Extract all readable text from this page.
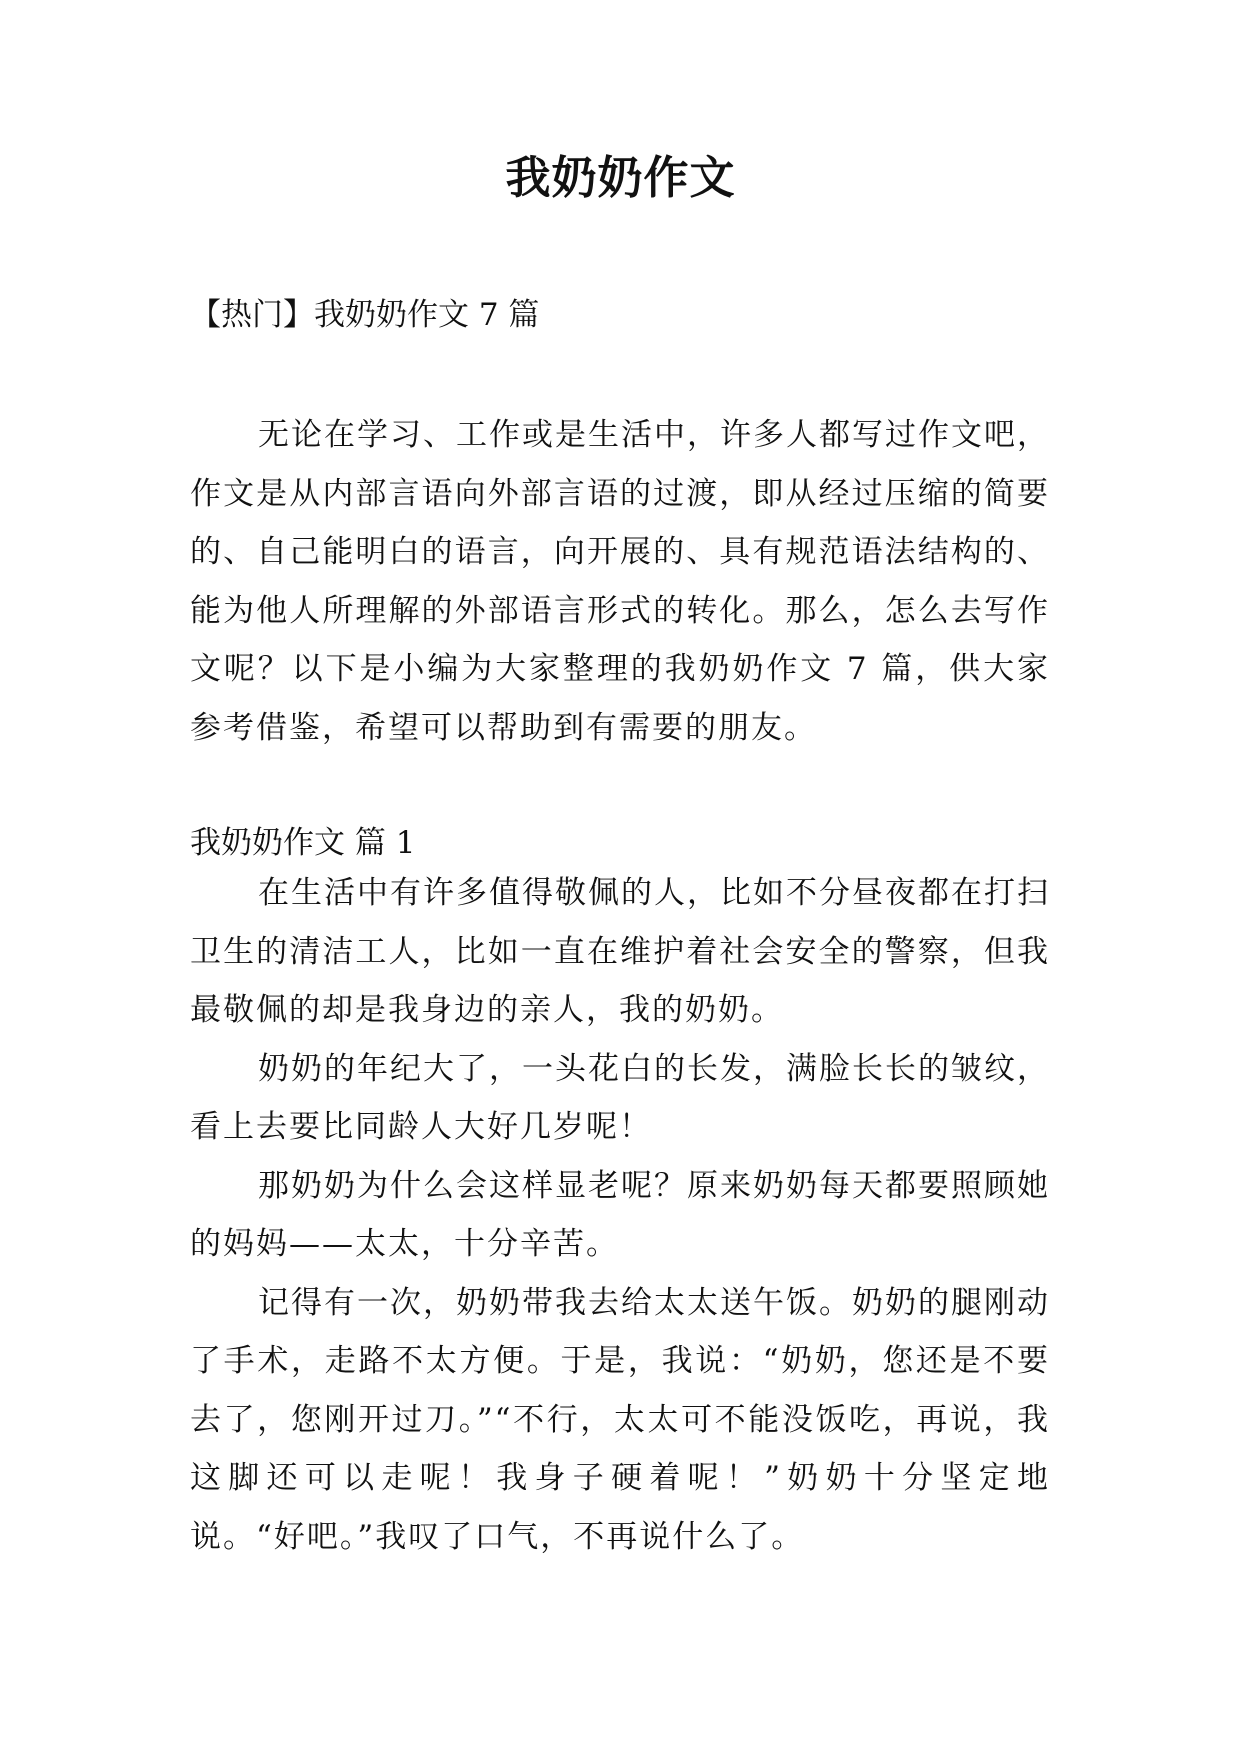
我奶奶作文
【热门】我奶奶作文 7 篇

无论在学习、工作或是生活中，许多人都写过作文吧，作文是从内部言语向外部言语的过渡，即从经过压缩的简要的、自己能明白的语言，向开展的、具有规范语法结构的、能为他人所理解的外部语言形式的转化。那么，怎么去写作文呢？以下是小编为大家整理的我奶奶作文 7 篇，供大家参考借鉴，希望可以帮助到有需要的朋友。

我奶奶作文 篇 1

在生活中有许多值得敬佩的人，比如不分昼夜都在打扫卫生的清洁工人，比如一直在维护着社会安全的警察，但我最敬佩的却是我身边的亲人，我的奶奶。

奶奶的年纪大了，一头花白的长发，满脸长长的皱纹，看上去要比同龄人大好几岁呢！

那奶奶为什么会这样显老呢？原来奶奶每天都要照顾她的妈妈——太太，十分辛苦。

记得有一次，奶奶带我去给太太送午饭。奶奶的腿刚动了手术，走路不太方便。于是，我说：“奶奶，您还是不要去了，您刚开过刀。”“不行，太太可不能没饭吃，再说，我这脚还可以走呢！我身子硬着呢！”奶奶十分坚定地说。“好吧。”我叹了口气，不再说什么了。
